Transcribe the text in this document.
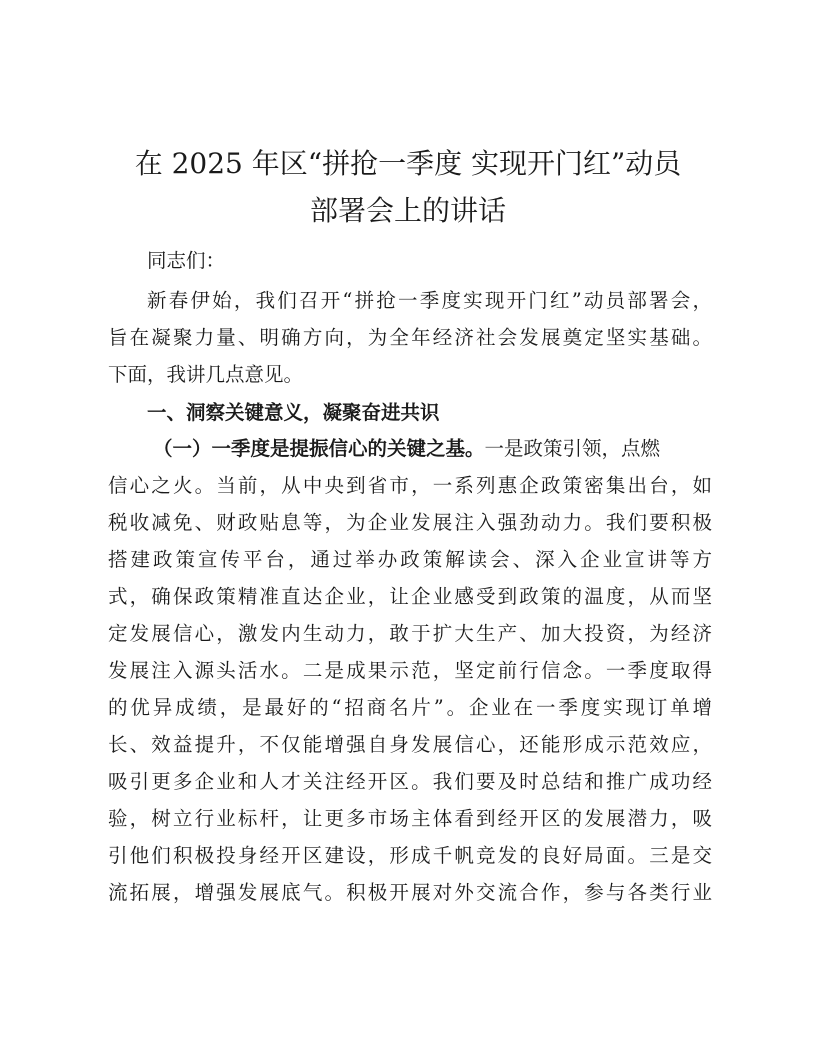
在 2025 年区“拼抢一季度 实现开门红”动员
部署会上的讲话
同志们：
新春伊始，我们召开“拼抢一季度实现开门红”动员部署会，
旨在凝聚力量、明确方向，为全年经济社会发展奠定坚实基础。
下面，我讲几点意见。
一、洞察关键意义，凝聚奋进共识
（一）一季度是提振信心的关键之基。一是政策引领，点燃
信心之火。当前，从中央到省市，一系列惠企政策密集出台，如
税收减免、财政贴息等，为企业发展注入强劲动力。我们要积极
搭建政策宣传平台，通过举办政策解读会、深入企业宣讲等方
式，确保政策精准直达企业，让企业感受到政策的温度，从而坚
定发展信心，激发内生动力，敢于扩大生产、加大投资，为经济
发展注入源头活水。二是成果示范，坚定前行信念。一季度取得
的优异成绩，是最好的“招商名片”。企业在一季度实现订单增
长、效益提升，不仅能增强自身发展信心，还能形成示范效应，
吸引更多企业和人才关注经开区。我们要及时总结和推广成功经
验，树立行业标杆，让更多市场主体看到经开区的发展潜力，吸
引他们积极投身经开区建设，形成千帆竞发的良好局面。三是交
流拓展，增强发展底气。积极开展对外交流合作，参与各类行业
